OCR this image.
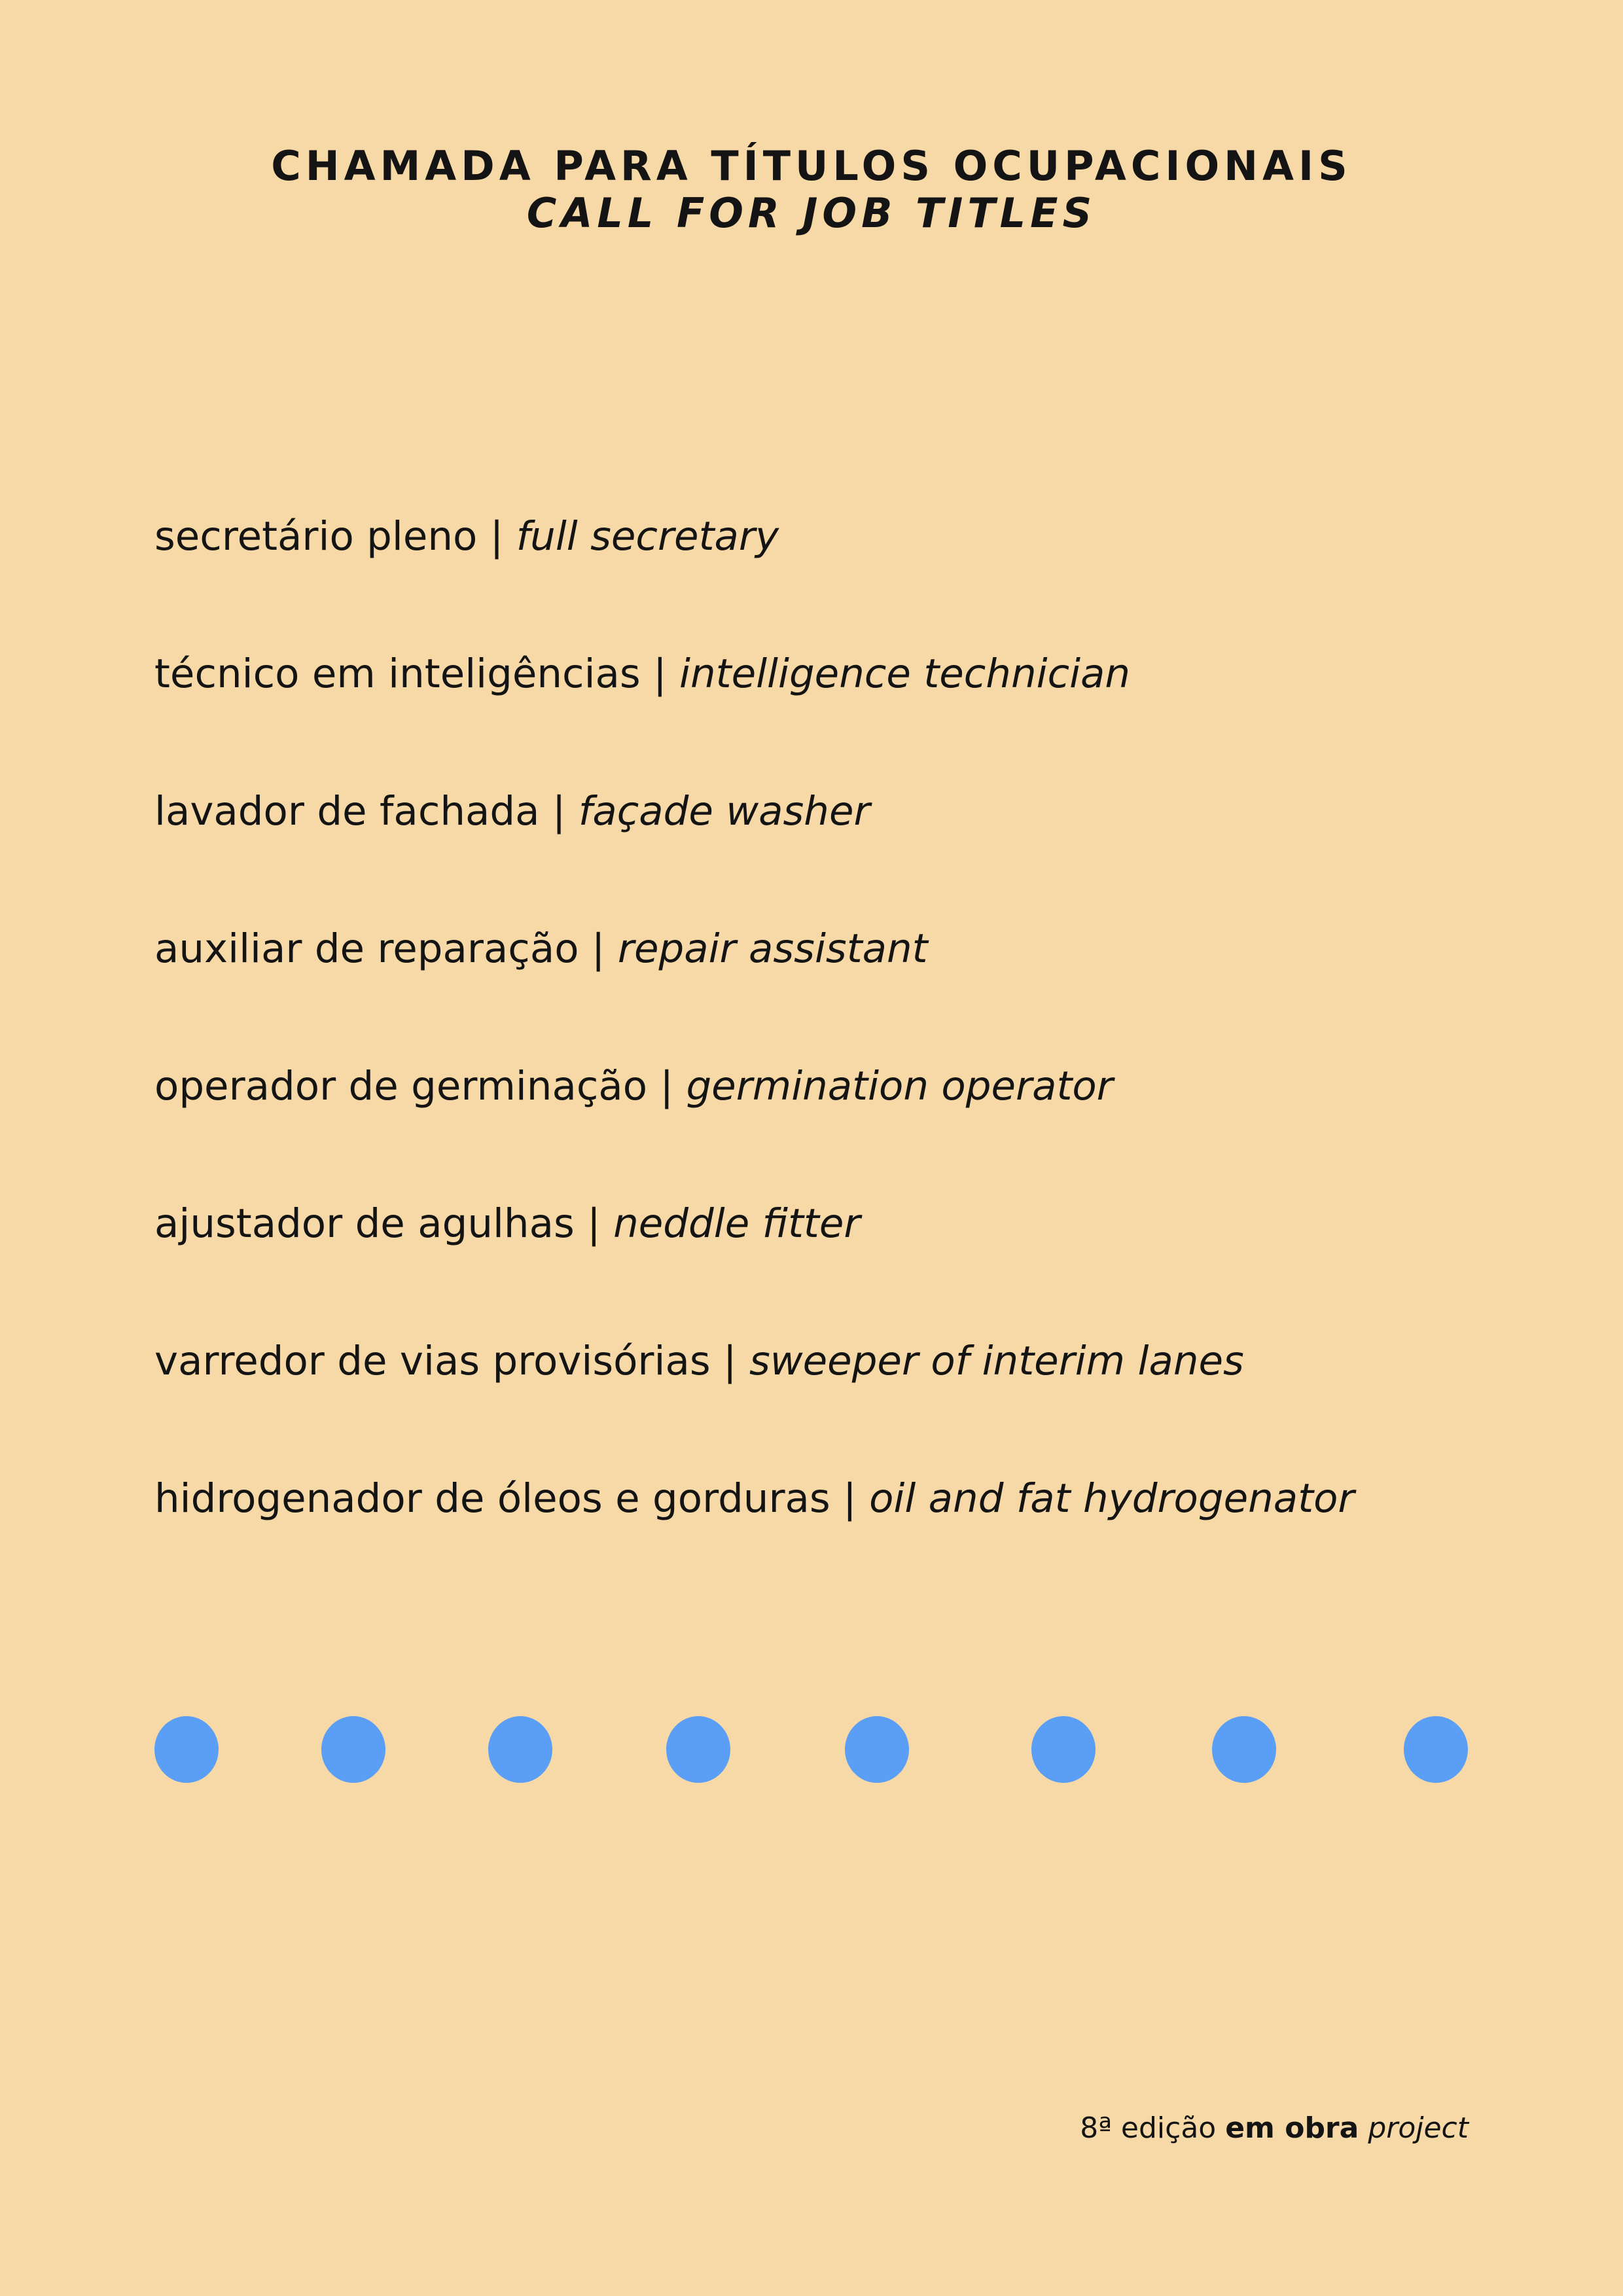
CHAMADA PARA TÍTULOS OCUPACIONAIS
CALL FOR JOB TITLES
secretário pleno | full secretary
técnico em inteligências | intelligence technician
lavador de fachada | façade washer
auxiliar de reparação | repair assistant
operador de germinação | germination operator
ajustador de agulhas | neddle fitter
varredor de vias provisórias | sweeper of interim lanes
hidrogenador de óleos e gorduras | oil and fat hydrogenator
8ª edição em obra project
